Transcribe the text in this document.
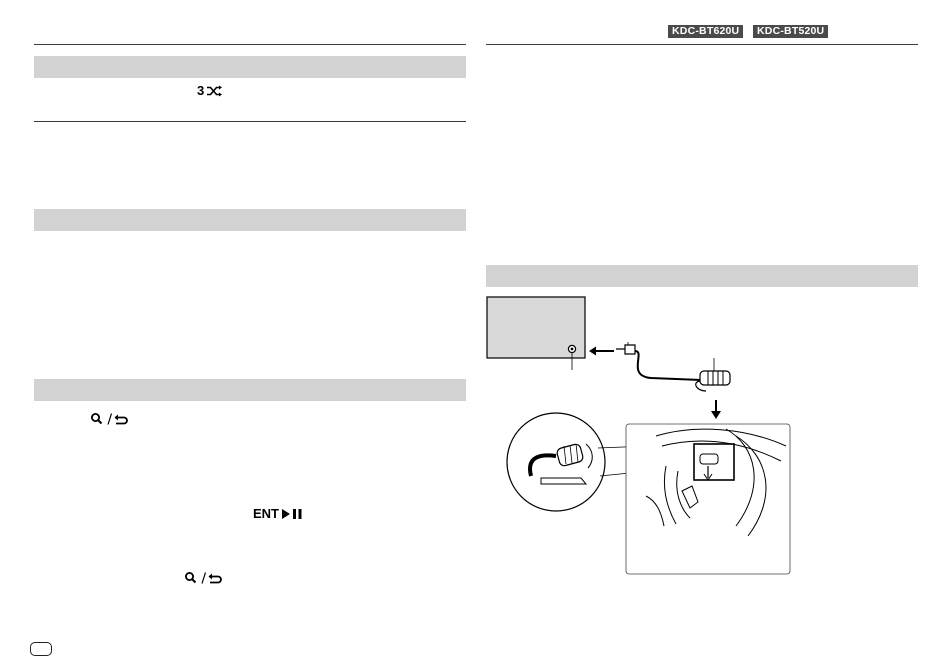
KDC-BT620U	KDC-BT520U
3
ENT
